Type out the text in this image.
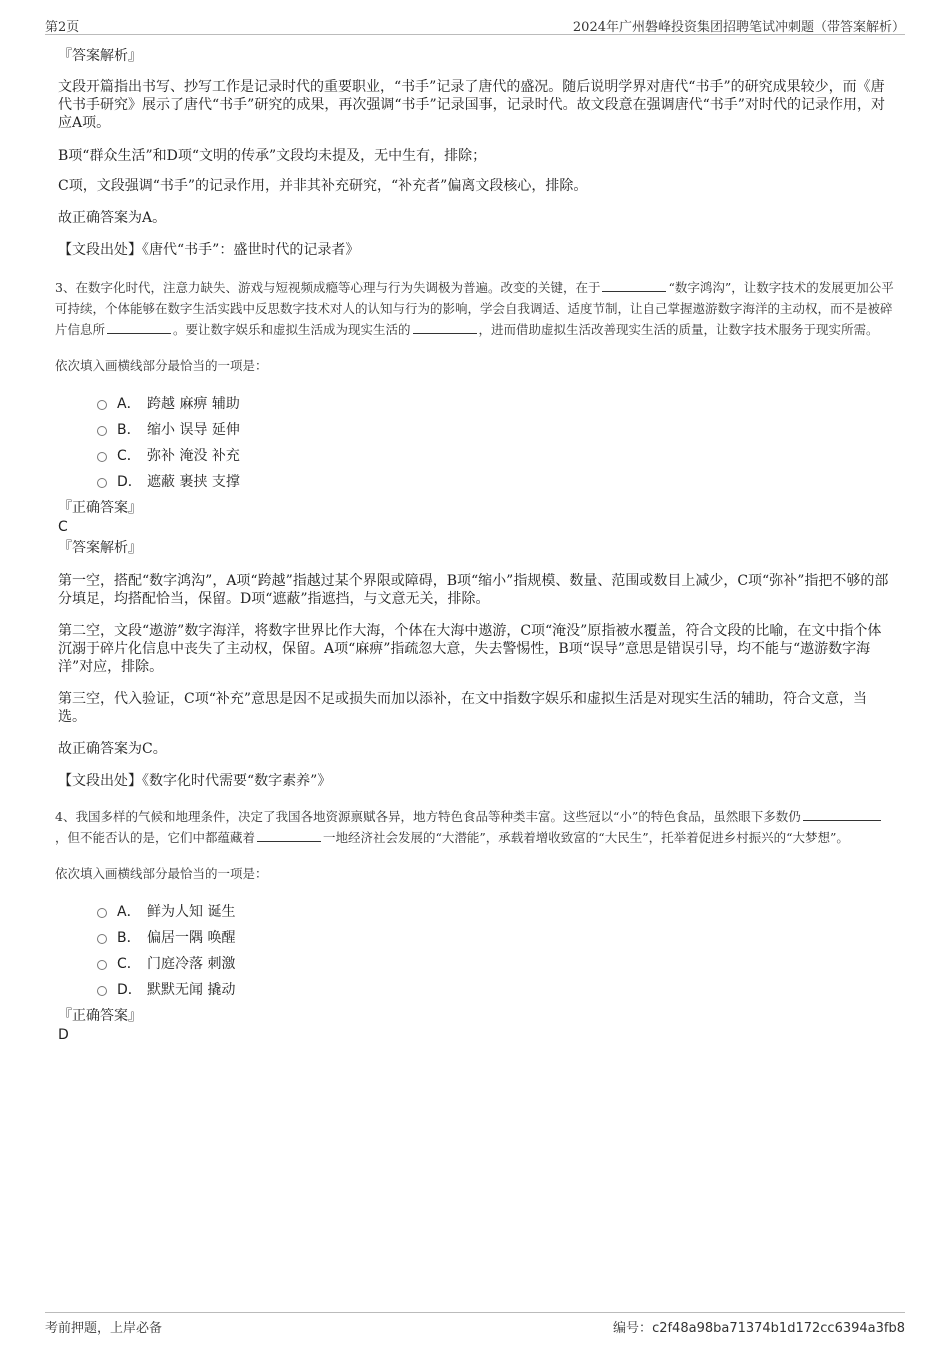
第2页	2024年广州磐峰投资集团招聘笔试冲刺题（带答案解析）
『答案解析』
文段开篇指出书写、抄写工作是记录时代的重要职业，“书手”记录了唐代的盛况。随后说明学界对唐代“书手”的研究成果较少，而《唐代书手研究》展示了唐代“书手”研究的成果，再次强调“书手”记录国事，记录时代。故文段意在强调唐代“书手”对时代的记录作用，对应A项。
B项“群众生活”和D项“文明的传承”文段均未提及，无中生有，排除；
C项，文段强调“书手”的记录作用，并非其补充研究，“补充者”偏离文段核心，排除。
故正确答案为A。
【文段出处】《唐代“书手”：盛世时代的记录者》
3、在数字化时代，注意力缺失、游戏与短视频成瘾等心理与行为失调极为普遍。改变的关键，在于	“数字鸿沟”，让数字技术的发展更加公平可持续，个体能够在数字生活实践中反思数字技术对人的认知与行为的影响，学会自我调适、适度节制，让自己掌握遨游数字海洋的主动权，而不是被碎片信息所	。要让数字娱乐和虚拟生活成为现实生活的	，进而借助虚拟生活改善现实生活的质量，让数字技术服务于现实所需。
依次填入画横线部分最恰当的一项是：
A． 跨越 麻痹 辅助
B． 缩小 误导 延伸
C． 弥补 淹没 补充
D． 遮蔽 裹挟 支撑
『正确答案』
C
『答案解析』
第一空，搭配“数字鸿沟”，A项“跨越”指越过某个界限或障碍，B项“缩小”指规模、数量、范围或数目上减少，C项“弥补”指把不够的部分填足，均搭配恰当，保留。D项“遮蔽”指遮挡，与文意无关，排除。
第二空，文段“遨游”数字海洋，将数字世界比作大海，个体在大海中遨游，C项“淹没”原指被水覆盖，符合文段的比喻，在文中指个体沉溺于碎片化信息中丧失了主动权，保留。A项“麻痹”指疏忽大意，失去警惕性，B项“误导”意思是错误引导，均不能与“遨游数字海洋”对应，排除。
第三空，代入验证，C项“补充”意思是因不足或损失而加以添补，在文中指数字娱乐和虚拟生活是对现实生活的辅助，符合文意，当选。
故正确答案为C。
【文段出处】《数字化时代需要“数字素养”》
4、我国多样的气候和地理条件，决定了我国各地资源禀赋各异，地方特色食品等种类丰富。这些冠以“小”的特色食品，虽然眼下多数仍，但不能否认的是，它们中都蕴藏着	一地经济社会发展的“大潜能”，承载着增收致富的“大民生”，托举着促进乡村振兴的“大梦想”。
依次填入画横线部分最恰当的一项是：
A． 鲜为人知 诞生
B． 偏居一隅 唤醒
C． 门庭冷落 刺激
D． 默默无闻 撬动
『正确答案』
D
考前押题，上岸必备	编号：c2f48a98ba71374b1d172cc6394a3fb8
